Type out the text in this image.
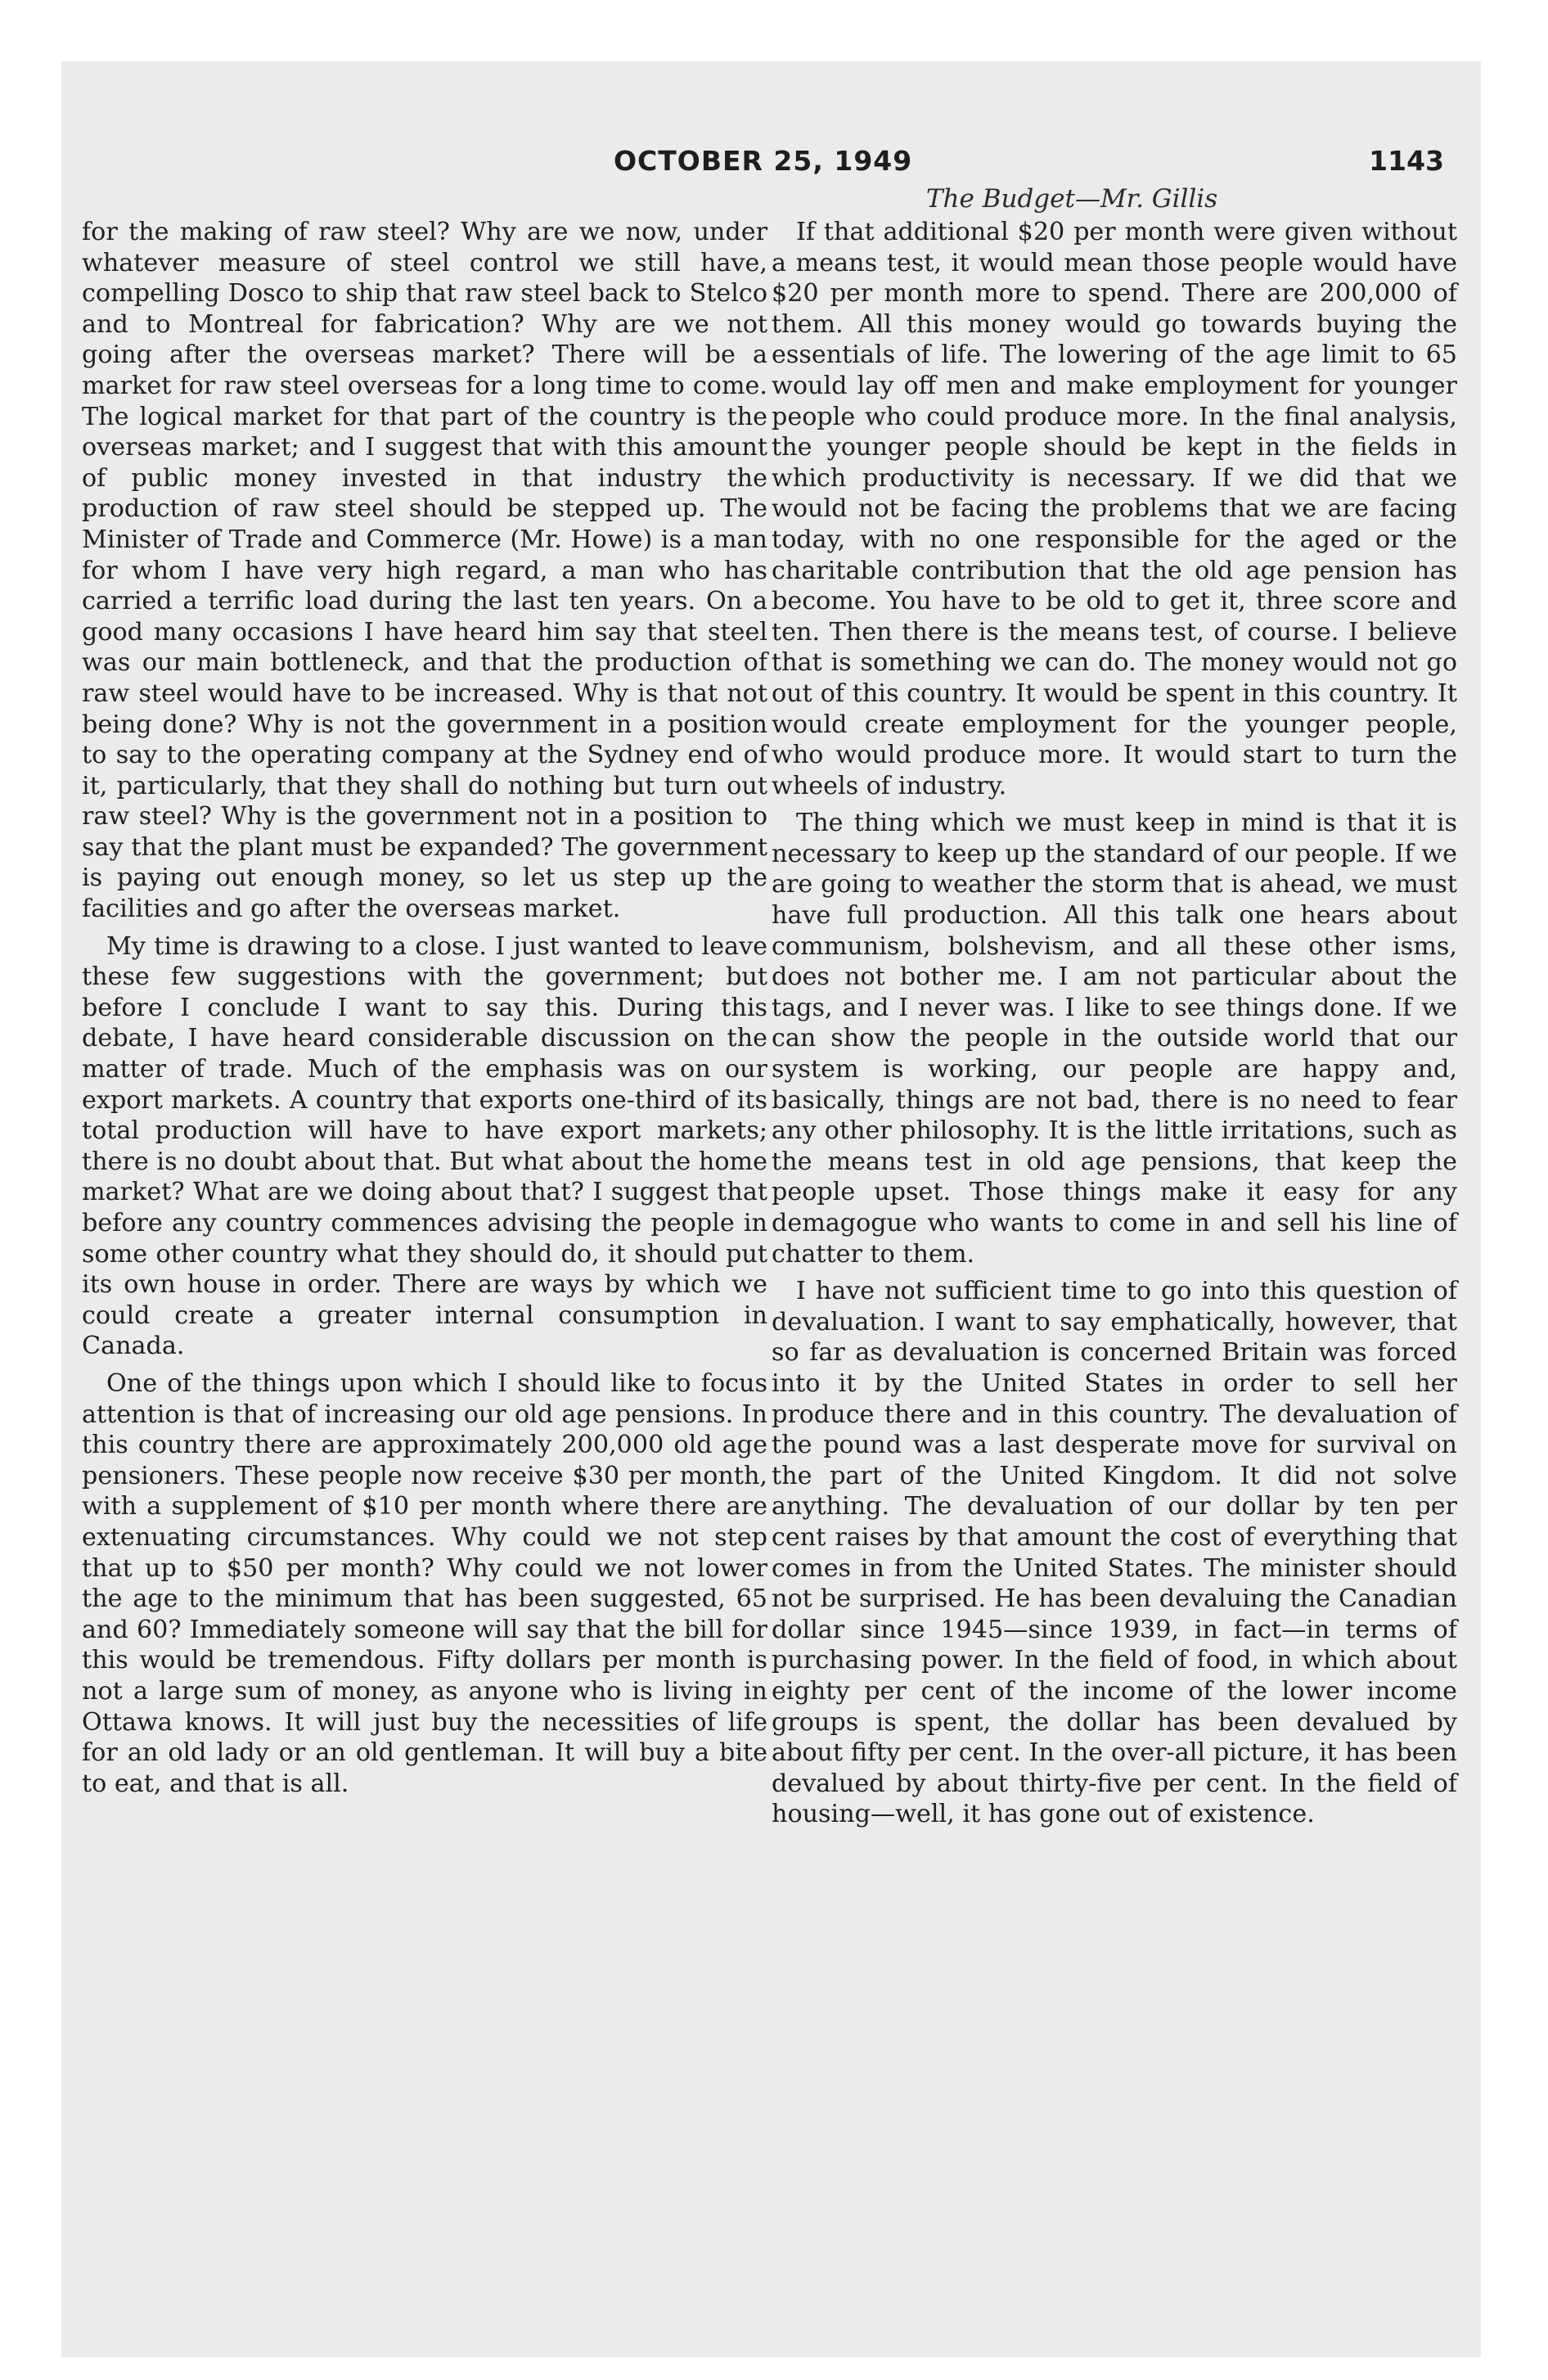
OCTOBER 25, 1949	1143
The Budget—Mr. Gillis

for the making of raw steel? Why are we now, under whatever measure of steel control we still have, compelling Dosco to ship that raw steel back to Stelco and to Montreal for fabrication? Why are we not going after the overseas market? There will be a market for raw steel overseas for a long time to come. The logical market for that part of the country is the overseas market; and I suggest that with this amount of public money invested in that industry the production of raw steel should be stepped up. The Minister of Trade and Commerce (Mr. Howe) is a man for whom I have very high regard, a man who has carried a terrific load during the last ten years. On a good many occasions I have heard him say that steel was our main bottleneck, and that the production of raw steel would have to be increased. Why is that not being done? Why is not the government in a position to say to the operating company at the Sydney end of it, particularly, that they shall do nothing but turn out raw steel? Why is the government not in a position to say that the plant must be expanded? The government is paying out enough money, so let us step up the facilities and go after the overseas market.

My time is drawing to a close. I just wanted to leave these few suggestions with the government; but before I conclude I want to say this. During this debate, I have heard considerable discussion on the matter of trade. Much of the emphasis was on our export markets. A country that exports one-third of its total production will have to have export markets; there is no doubt about that. But what about the home market? What are we doing about that? I suggest that before any country commences advising the people in some other country what they should do, it should put its own house in order. There are ways by which we could create a greater internal consumption in Canada.

One of the things upon which I should like to focus attention is that of increasing our old age pensions. In this country there are approximately 200,000 old age pensioners. These people now receive $30 per month, with a supplement of $10 per month where there are extenuating circumstances. Why could we not step that up to $50 per month? Why could we not lower the age to the minimum that has been suggested, 65 and 60? Immediately someone will say that the bill for this would be tremendous. Fifty dollars per month is not a large sum of money, as anyone who is living in Ottawa knows. It will just buy the necessities of life for an old lady or an old gentleman. It will buy a bite to eat, and that is all.

If that additional $20 per month were given without a means test, it would mean those people would have $20 per month more to spend. There are 200,000 of them. All this money would go towards buying the essentials of life. The lowering of the age limit to 65 would lay off men and make employment for younger people who could produce more. In the final analysis, the younger people should be kept in the fields in which productivity is necessary. If we did that we would not be facing the problems that we are facing today, with no one responsible for the aged or the charitable contribution that the old age pension has become. You have to be old to get it, three score and ten. Then there is the means test, of course. I believe that is something we can do. The money would not go out of this country. It would be spent in this country. It would create employment for the younger people, who would produce more. It would start to turn the wheels of industry.

The thing which we must keep in mind is that it is necessary to keep up the standard of our people. If we are going to weather the storm that is ahead, we must have full production. All this talk one hears about communism, bolshevism, and all these other isms, does not bother me. I am not particular about the tags, and I never was. I like to see things done. If we can show the people in the outside world that our system is working, our people are happy and, basically, things are not bad, there is no need to fear any other philosophy. It is the little irritations, such as the means test in old age pensions, that keep the people upset. Those things make it easy for any demagogue who wants to come in and sell his line of chatter to them.

I have not sufficient time to go into this question of devaluation. I want to say emphatically, however, that so far as devaluation is concerned Britain was forced into it by the United States in order to sell her produce there and in this country. The devaluation of the pound was a last desperate move for survival on the part of the United Kingdom. It did not solve anything. The devaluation of our dollar by ten per cent raises by that amount the cost of everything that comes in from the United States. The minister should not be surprised. He has been devaluing the Canadian dollar since 1945—since 1939, in fact—in terms of purchasing power. In the field of food, in which about eighty per cent of the income of the lower income groups is spent, the dollar has been devalued by about fifty per cent. In the over-all picture, it has been devalued by about thirty-five per cent. In the field of housing—well, it has gone out of existence.
